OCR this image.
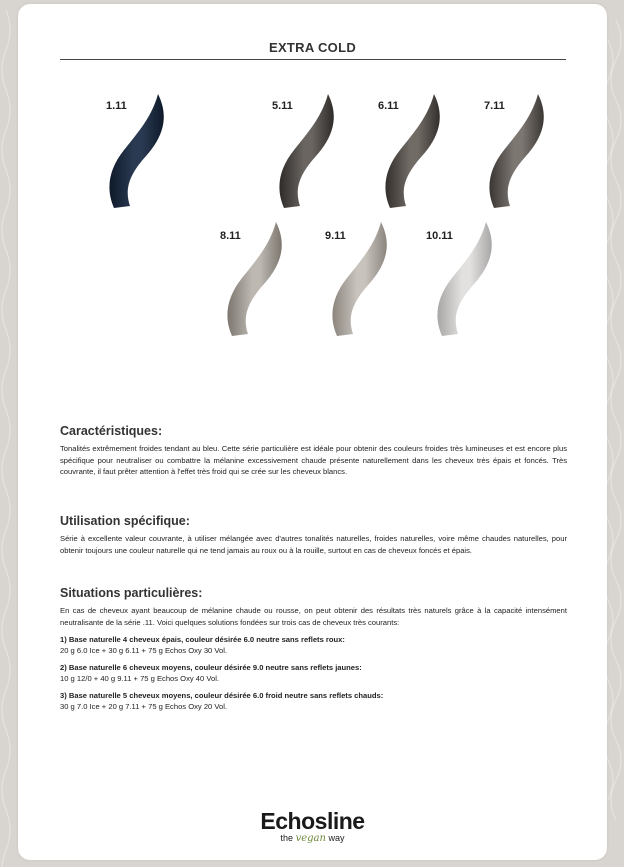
EXTRA COLD
1.11	5.11	6.11	7.11
8.11	9.11	10.11
Caractéristiques:

Tonalités extrêmement froides tendant au bleu. Cette série particulière est idéale pour obtenir des couleurs froides très lumineuses et est encore plus spécifique pour neutraliser ou combattre la mélanine excessivement chaude présente naturellement dans les cheveux très épais et foncés. Très couvrante, il faut prêter attention à l'effet très froid qui se crée sur les cheveux blancs.

Utilisation spécifique:

Série à excellente valeur couvrante, à utiliser mélangée avec d'autres tonalités naturelles, froides naturelles, voire même chaudes naturelles, pour obtenir toujours une couleur naturelle qui ne tend jamais au roux ou à la rouille, surtout en cas de cheveux foncés et épais.

Situations particulières:

En cas de cheveux ayant beaucoup de mélanine chaude ou rousse, on peut obtenir des résultats très naturels grâce à la capacité intensément neutralisante de la série .11. Voici quelques solutions fondées sur trois cas de cheveux très courants:

1) Base naturelle 4 cheveux épais, couleur désirée 6.0 neutre sans reflets roux:

20 g 6.0 Ice + 30 g 6.11 + 75 g Echos Oxy 30 Vol.

2) Base naturelle 6 cheveux moyens, couleur désirée 9.0 neutre sans reflets jaunes:

10 g 12/0 + 40 g 9.11 + 75 g Echos Oxy 40 Vol.

3) Base naturelle 5 cheveux moyens, couleur désirée 6.0 froid neutre sans reflets chauds:

30 g 7.0 Ice + 20 g 7.11 + 75 g Echos Oxy 20 Vol.

Echosline
the vegan way
